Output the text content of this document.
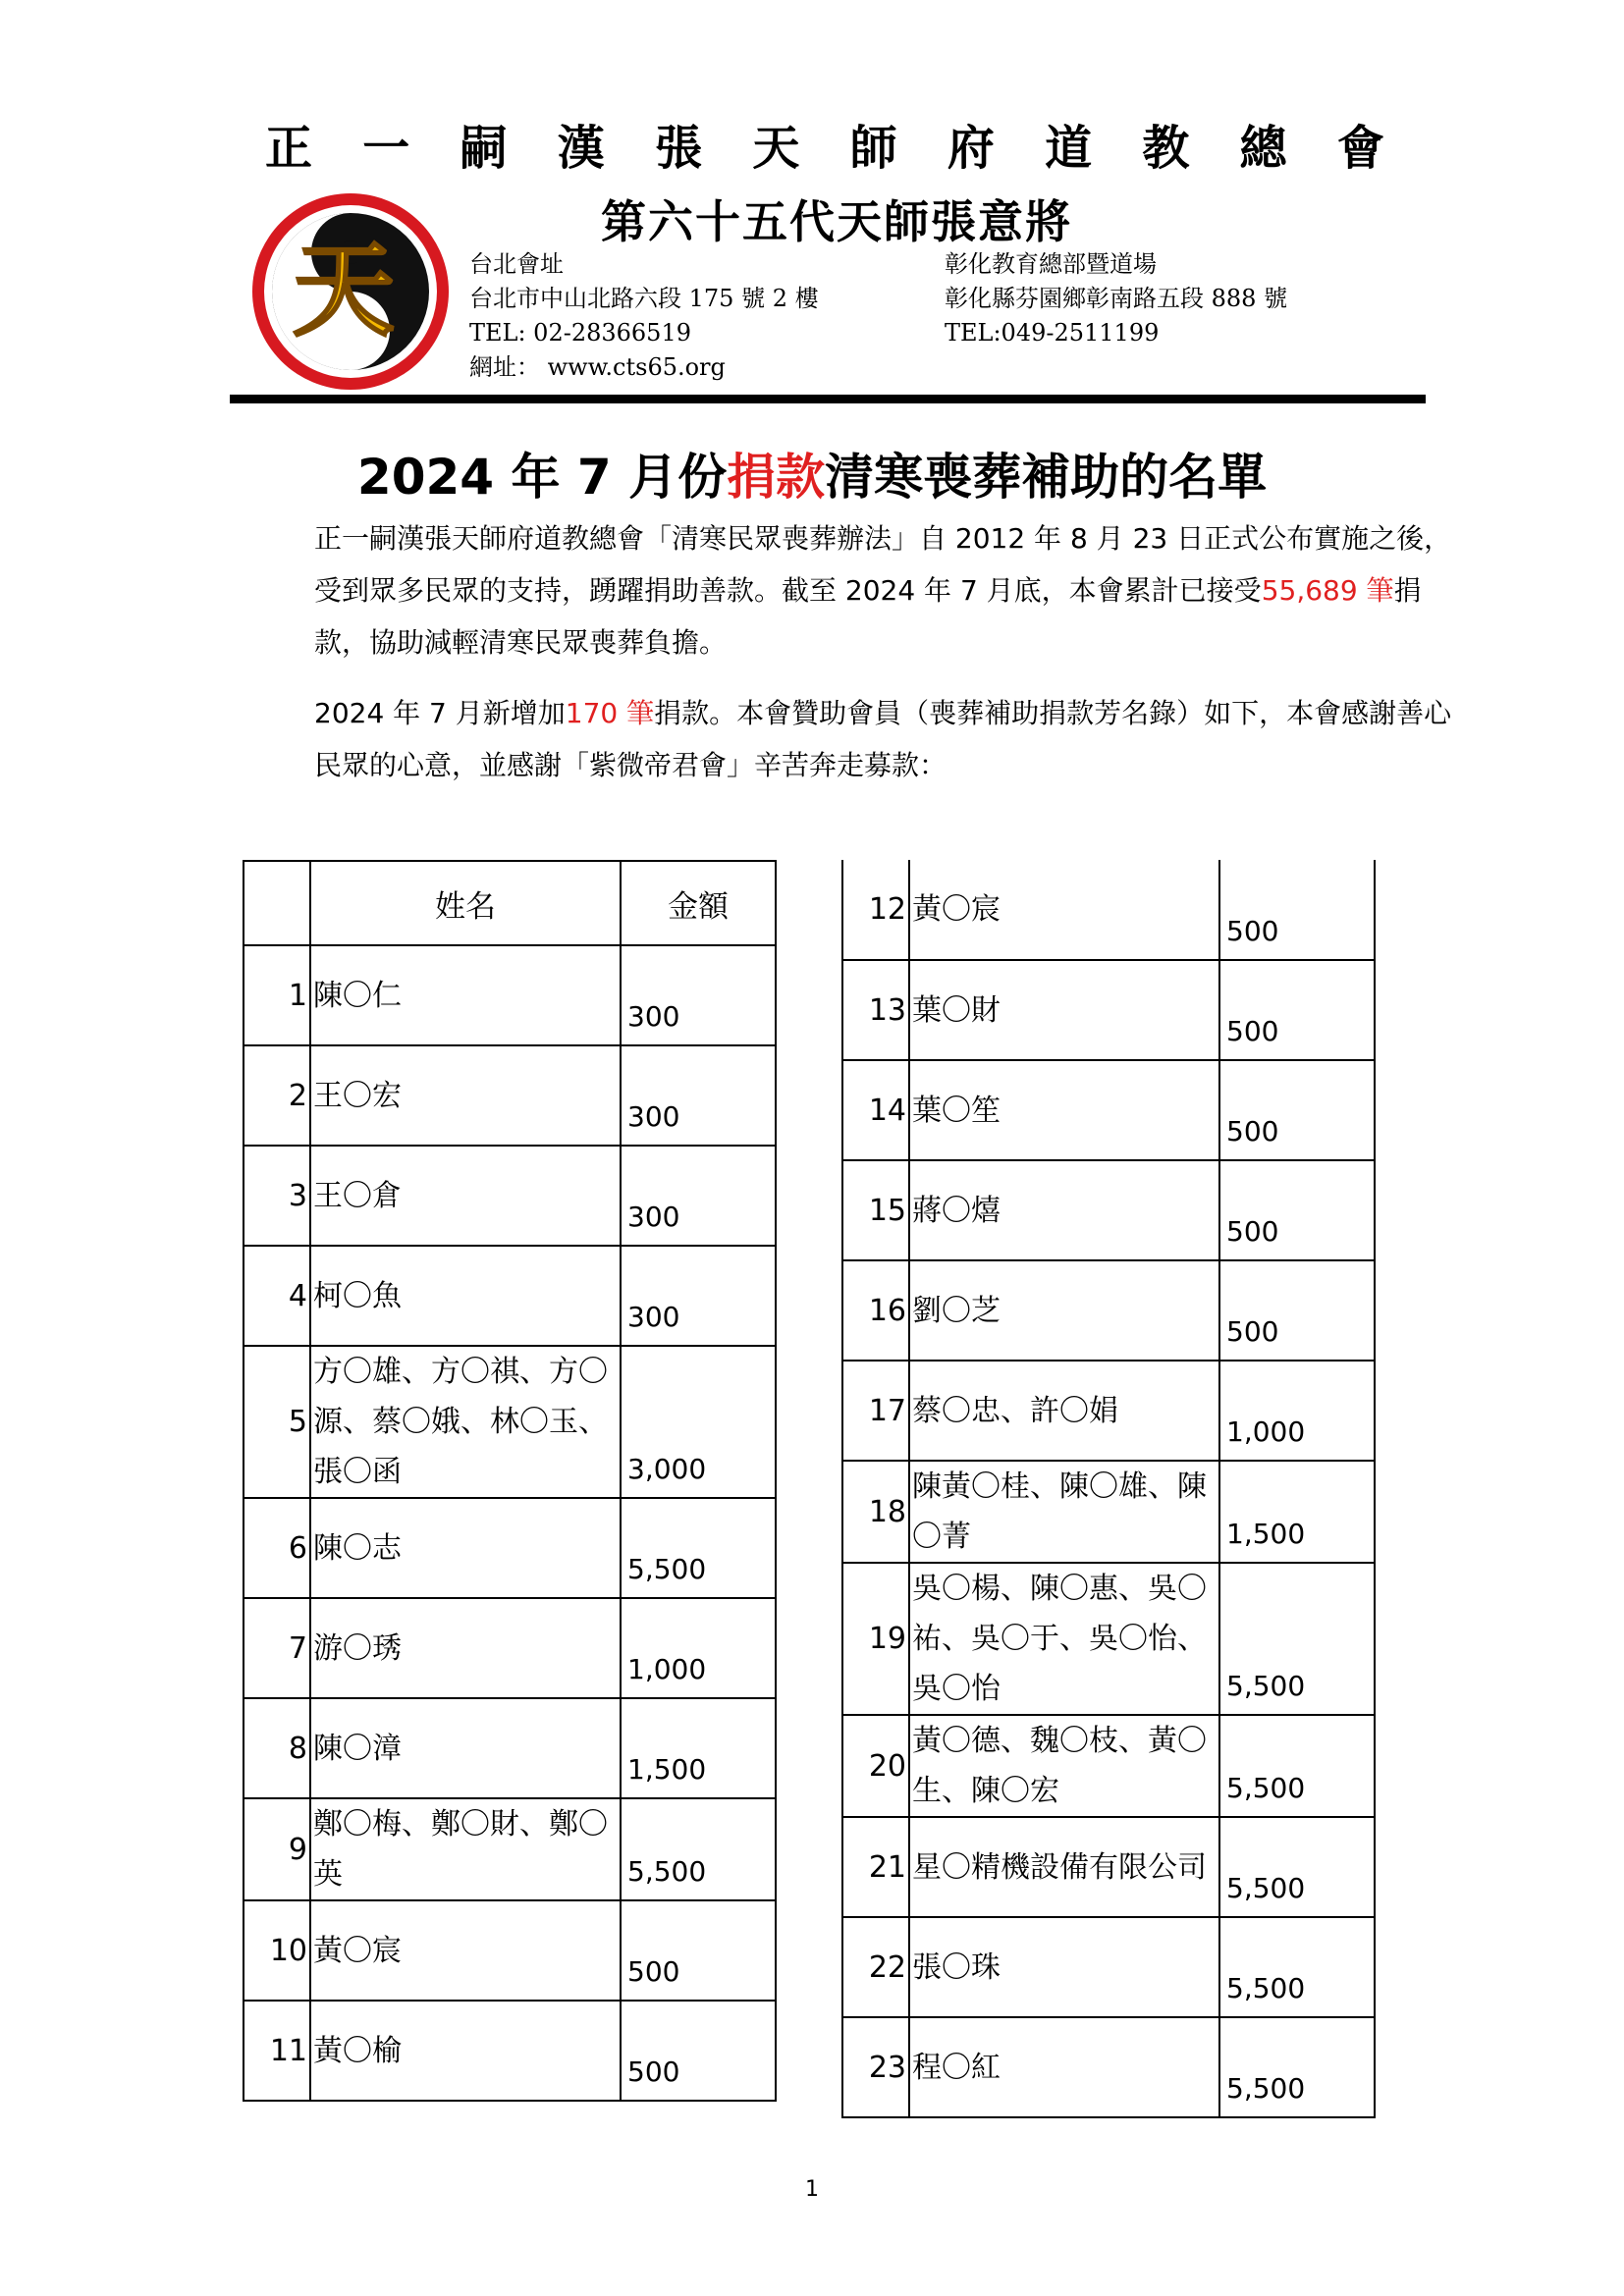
正 一 嗣 漢 張 天 師 府 道 教 總 會
天
第六十五代天師張意將
台北會址
台北市中山北路六段 175 號 2 樓
TEL: 02-28366519
網址： www.cts65.org
彰化教育總部暨道場
彰化縣芬園鄉彰南路五段 888 號
TEL:049-2511199
2024 年 7 月份捐款清寒喪葬補助的名單

正一嗣漢張天師府道教總會「清寒民眾喪葬辦法」自 2012 年 8 月 23 日正式公布實施之後，受到眾多民眾的支持，踴躍捐助善款。截至 2024 年 7 月底，本會累計已接受55,689 筆捐款，協助減輕清寒民眾喪葬負擔。

2024 年 7 月新增加170 筆捐款。本會贊助會員（喪葬補助捐款芳名錄）如下，本會感謝善心民眾的心意，並感謝「紫微帝君會」辛苦奔走募款：

	姓名	金額
1	陳〇仁	300
2	王〇宏	300
3	王〇倉	300
4	柯〇魚	300
5	方〇雄、方〇祺、方〇源、蔡〇娥、林〇玉、張〇函	3,000
6	陳〇志	5,500
7	游〇琇	1,000
8	陳〇漳	1,500
9	鄭〇梅、鄭〇財、鄭〇英	5,500
10	黃〇宸	500
11	黃〇榆	500
12	黃〇宸	500
13	葉〇財	500
14	葉〇笙	500
15	蔣〇熺	500
16	劉〇芝	500
17	蔡〇忠、許〇娟	1,000
18	陳黃〇桂、陳〇雄、陳〇菁	1,500
19	吳〇楊、陳〇惠、吳〇祐、吳〇于、吳〇怡、吳〇怡	5,500
20	黃〇德、魏〇枝、黃〇生、陳〇宏	5,500
21	星〇精機設備有限公司	5,500
22	張〇珠	5,500
23	程〇紅	5,500
1
